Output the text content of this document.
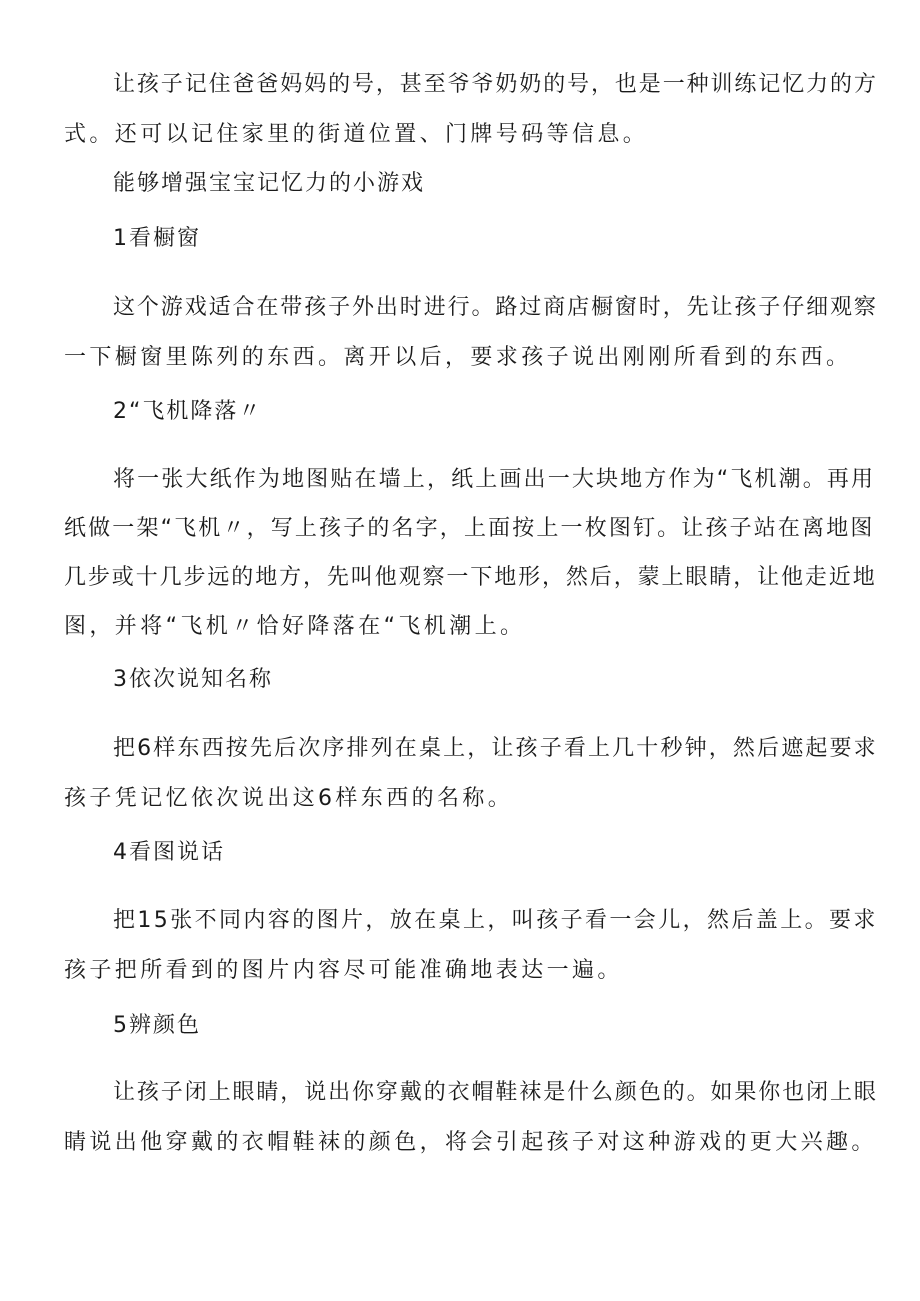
让孩子记住爸爸妈妈的号，甚至爷爷奶奶的号，也是一种训练记忆力的方
式。还可以记住家里的街道位置、门牌号码等信息。
能够增强宝宝记忆力的小游戏
1看橱窗
这个游戏适合在带孩子外出时进行。路过商店橱窗时，先让孩子仔细观察
一下橱窗里陈列的东西。离开以后，要求孩子说出刚刚所看到的东西。
2“飞机降落〃
将一张大纸作为地图贴在墙上，纸上画出一大块地方作为“飞机潮。再用
纸做一架“飞机〃，写上孩子的名字，上面按上一枚图钉。让孩子站在离地图
几步或十几步远的地方，先叫他观察一下地形，然后，蒙上眼睛，让他走近地
图，并将“飞机〃恰好降落在“飞机潮上。
3依次说知名称
把6样东西按先后次序排列在桌上，让孩子看上几十秒钟，然后遮起要求
孩子凭记忆依次说出这6样东西的名称。
4看图说话
把15张不同内容的图片，放在桌上，叫孩子看一会儿，然后盖上。要求
孩子把所看到的图片内容尽可能准确地表达一遍。
5辨颜色
让孩子闭上眼睛，说出你穿戴的衣帽鞋袜是什么颜色的。如果你也闭上眼
睛说出他穿戴的衣帽鞋袜的颜色，将会引起孩子对这种游戏的更大兴趣。
